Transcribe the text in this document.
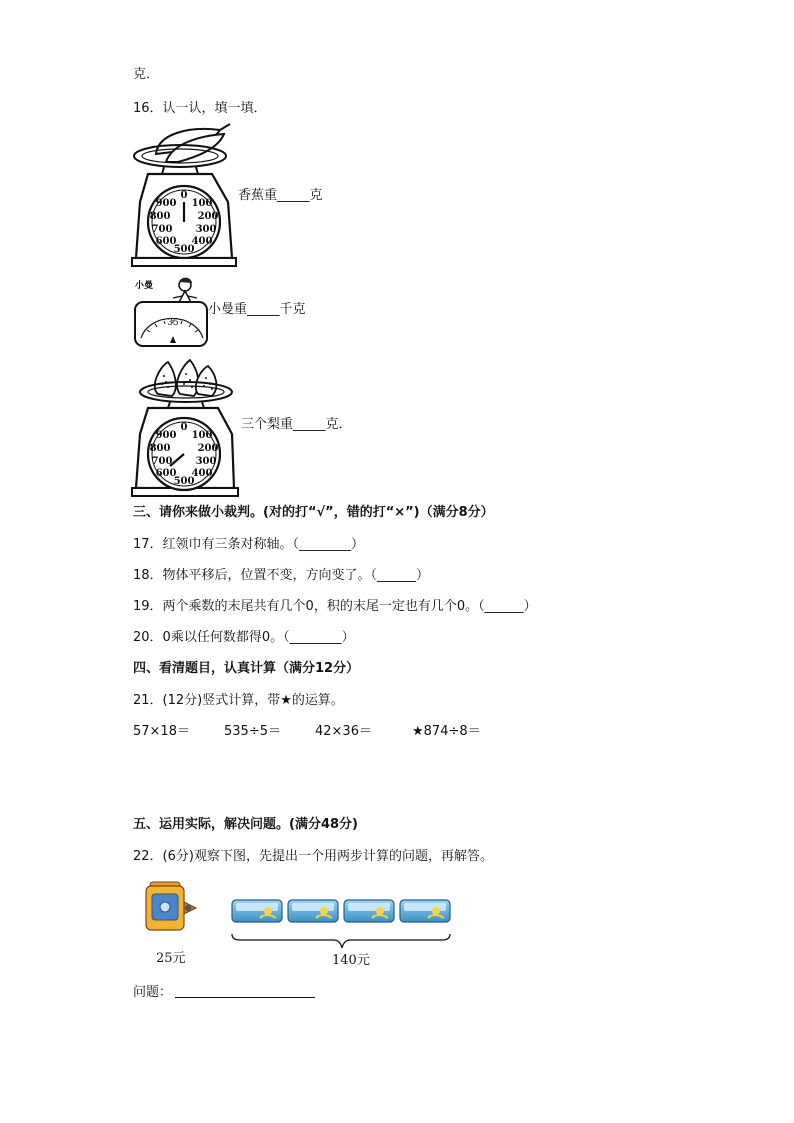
克．
16．认一认，填一填．
0
100
200
300
400
500
600
700
800
900
香蕉重_____克
小曼
35
小曼重_____千克
0
100
200
300
400
500
600
700
800
900
三个梨重_____克．
三、请你来做小裁判。(对的打“√”，错的打“×”)（满分8分）
17．红领巾有三条对称轴。（________）
18．物体平移后，位置不变，方向变了。（______）
19．两个乘数的末尾共有几个0，积的末尾一定也有几个0。（______）
20．0乘以任何数都得0。（________）
四、看清题目，认真计算（满分12分）
21．(12分)竖式计算，带★的运算。
57×18＝	535÷5＝	42×36＝	★874÷8＝
五、运用实际，解决问题。(满分48分)
22．(6分)观察下图，先提出一个用两步计算的问题，再解答。
25元	140元
问题：
